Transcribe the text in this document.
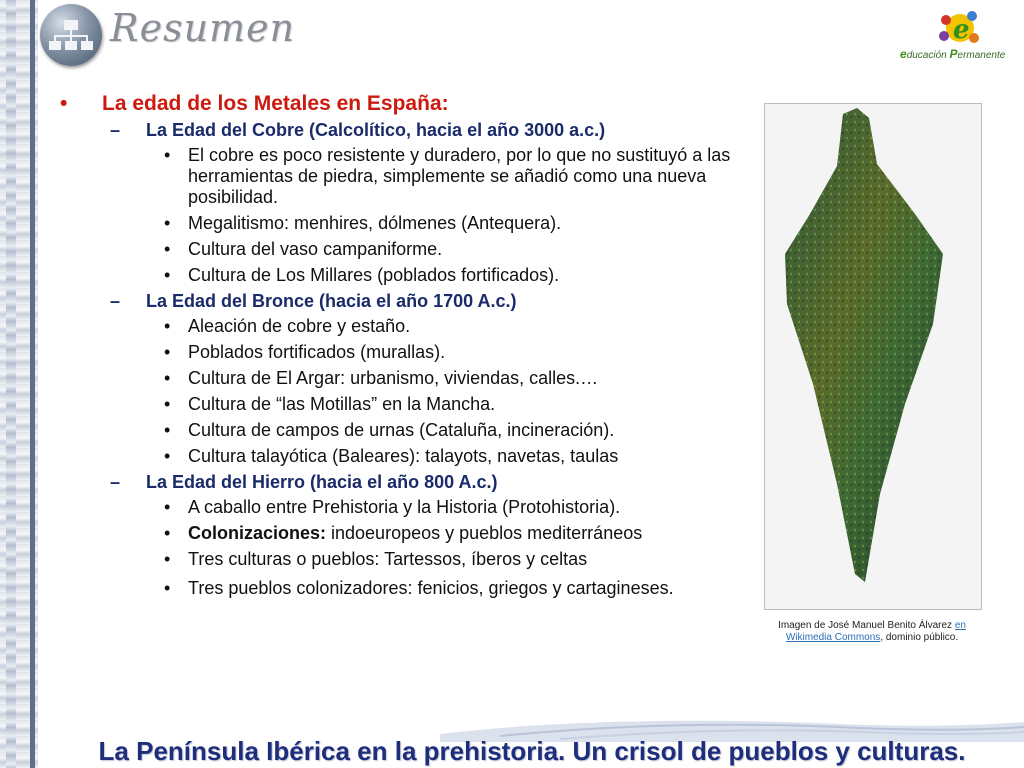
Resumen	e
educación Permanente
•	La edad de los Metales en España:
–	La Edad del Cobre (Calcolítico, hacia el año 3000 a.c.)
• El cobre es poco resistente y duradero, por lo que no sustituyó a las herramientas de piedra, simplemente se añadió como una nueva posibilidad.
• Megalitismo: menhires, dólmenes (Antequera).
• Cultura del vaso campaniforme.
• Cultura de Los Millares (poblados fortificados).
–	La Edad del Bronce (hacia el año 1700 A.c.)
• Aleación de cobre y estaño.
• Poblados fortificados (murallas).
• Cultura de El Argar: urbanismo, viviendas, calles.…
• Cultura de “las Motillas” en la Mancha.
• Cultura de campos de urnas (Cataluña, incineración).
• Cultura talayótica (Baleares): talayots, navetas, taulas
–	La Edad del Hierro (hacia el año 800 A.c.)
• A caballo entre Prehistoria y la Historia (Protohistoria).
• Colonizaciones: indoeuropeos y pueblos mediterráneos
• Tres culturas o pueblos: Tartessos, íberos y celtas
• Tres pueblos colonizadores: fenicios, griegos y cartagineses.
Imagen de José Manuel Benito Álvarez en Wikimedia Commons, dominio público.
La Península Ibérica en la prehistoria. Un crisol de pueblos y culturas.
